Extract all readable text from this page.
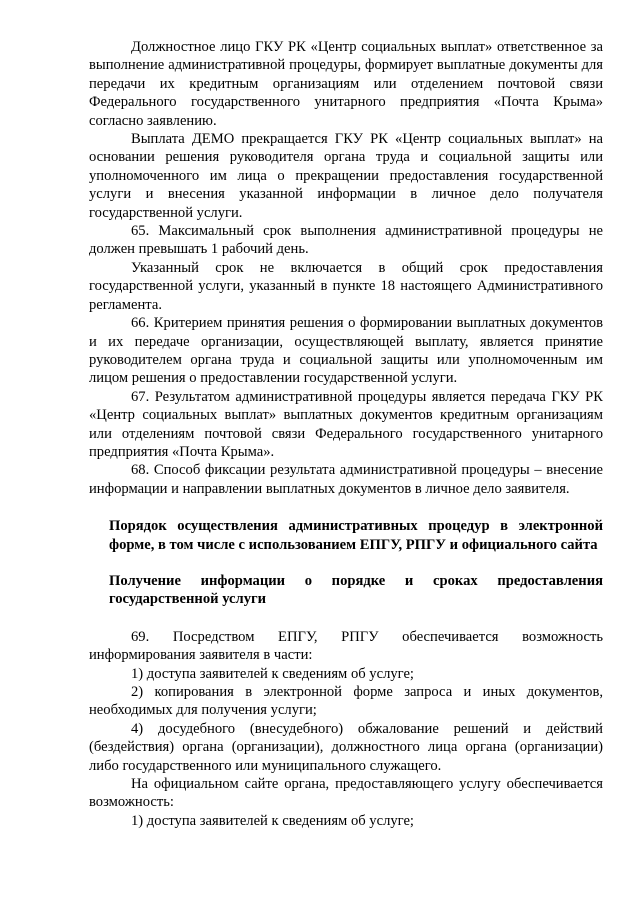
Должностное лицо ГКУ РК «Центр социальных выплат» ответственное за выполнение административной процедуры, формирует выплатные документы для передачи их кредитным организациям или отделением почтовой связи Федерального государственного унитарного предприятия «Почта Крыма» согласно заявлению.

Выплата ДЕМО прекращается ГКУ РК «Центр социальных выплат» на основании решения руководителя органа труда и социальной защиты или уполномоченного им лица о прекращении предоставления государственной услуги и внесения указанной информации в личное дело получателя государственной услуги.

65. Максимальный срок выполнения административной процедуры не должен превышать 1 рабочий день.

Указанный срок не включается в общий срок предоставления государственной услуги, указанный в пункте 18 настоящего Административного регламента.

66. Критерием принятия решения о формировании выплатных документов и их передаче организации, осуществляющей выплату, является принятие руководителем органа труда и социальной защиты или уполномоченным им лицом решения о предоставлении государственной услуги.

67. Результатом административной процедуры является передача ГКУ РК «Центр социальных выплат» выплатных документов кредитным организациям или отделениям почтовой связи Федерального государственного унитарного предприятия «Почта Крыма».

68. Способ фиксации результата административной процедуры – внесение информации и направлении выплатных документов в личное дело заявителя.

Порядок осуществления административных процедур в электронной форме, в том числе с использованием ЕПГУ, РПГУ и официального сайта

Получение информации о порядке и сроках предоставления государственной услуги

69. Посредством ЕПГУ, РПГУ обеспечивается возможность информирования заявителя в части:

1) доступа заявителей к сведениям об услуге;

2) копирования в электронной форме запроса и иных документов, необходимых для получения услуги;

4) досудебного (внесудебного) обжалование решений и действий (бездействия) органа (организации), должностного лица органа (организации) либо государственного или муниципального служащего.

На официальном сайте органа, предоставляющего услугу обеспечивается возможность:

1) доступа заявителей к сведениям об услуге;
